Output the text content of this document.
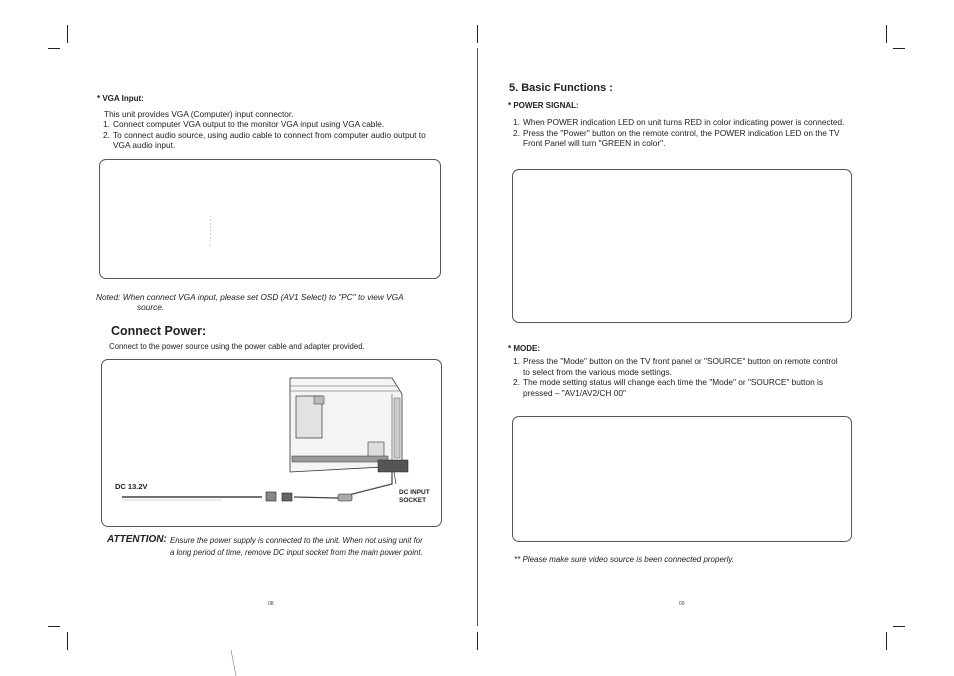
* VGA Input:
This unit provides VGA (Computer) input connector.
1. Connect computer VGA output to the monitor VGA input using VGA cable.
2. To connect audio source, using audio cable to connect from computer audio output to
VGA audio input.
Noted: When connect VGA input, please set OSD (AV1 Select) to "PC" to view VGA
source.
Connect Power:
Connect to the power source using the power cable and adapter provided.
DC 13.2V
DC INPUT
SOCKET
ATTENTION: Ensure the power supply is connected to the unit. When not using unit for
a long period of time, remove DC input socket from the main power point.
08
5. Basic Functions :
* POWER SIGNAL:
1. When POWER indication LED on unit turns RED in color indicating power is connected.
2. Press the "Power" button on the remote control, the POWER indication LED on the TV
Front Panel will turn "GREEN in color".
* MODE:
1. Press the "Mode" button on the TV front panel or "SOURCE" button on remote control
to select from the various mode settings.
2. The mode setting status will change each time the "Mode" or "SOURCE" button is
pressed – "AV1/AV2/CH 00"
** Please make sure video source is been connected properly.
09
